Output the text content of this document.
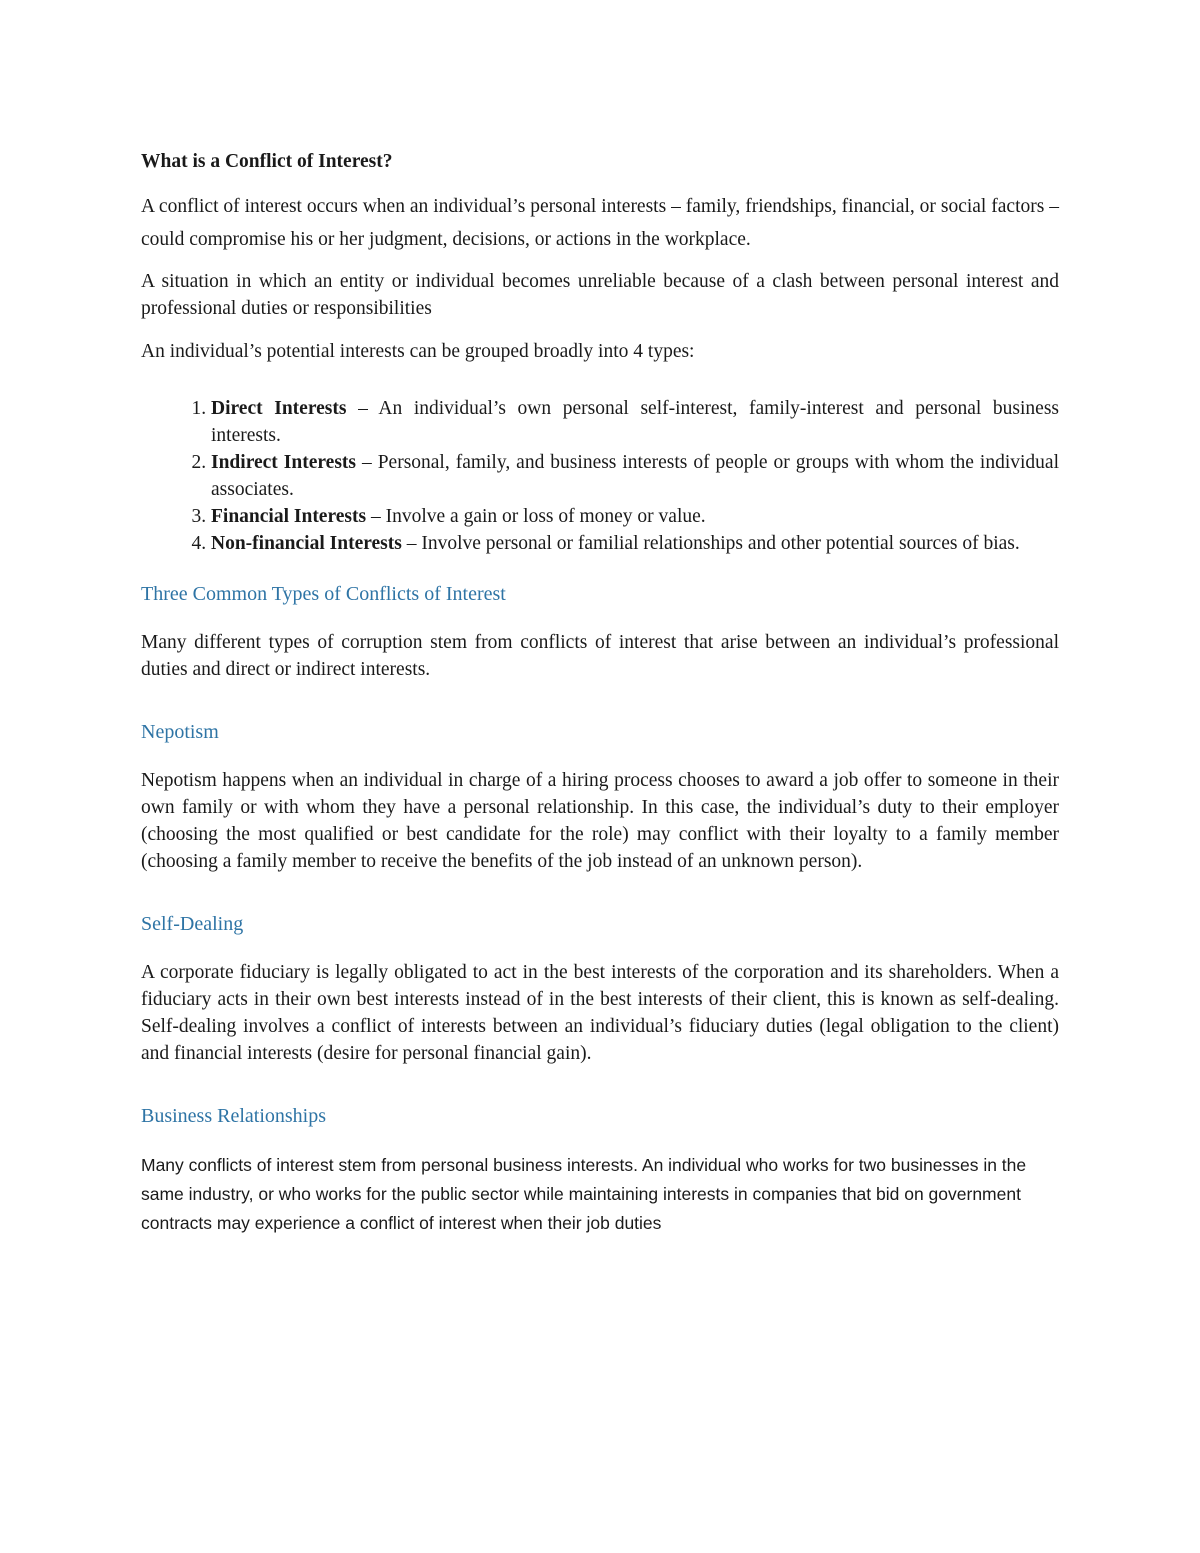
What is a Conflict of Interest?

A conflict of interest occurs when an individual’s personal interests – family, friendships, financial, or social factors – could compromise his or her judgment, decisions, or actions in the workplace.

A situation in which an entity or individual becomes unreliable because of a clash between personal interest and professional duties or responsibilities

An individual’s potential interests can be grouped broadly into 4 types:

1. Direct Interests – An individual’s own personal self-interest, family-interest and personal business interests.
2. Indirect Interests – Personal, family, and business interests of people or groups with whom the individual associates.
3. Financial Interests – Involve a gain or loss of money or value.
4. Non-financial Interests – Involve personal or familial relationships and other potential sources of bias.
Three Common Types of Conflicts of Interest

Many different types of corruption stem from conflicts of interest that arise between an individual’s professional duties and direct or indirect interests.

Nepotism

Nepotism happens when an individual in charge of a hiring process chooses to award a job offer to someone in their own family or with whom they have a personal relationship. In this case, the individual’s duty to their employer (choosing the most qualified or best candidate for the role) may conflict with their loyalty to a family member (choosing a family member to receive the benefits of the job instead of an unknown person).

Self-Dealing

A corporate fiduciary is legally obligated to act in the best interests of the corporation and its shareholders. When a fiduciary acts in their own best interests instead of in the best interests of their client, this is known as self-dealing. Self-dealing involves a conflict of interests between an individual’s fiduciary duties (legal obligation to the client) and financial interests (desire for personal financial gain).

Business Relationships

Many conflicts of interest stem from personal business interests. An individual who works for two businesses in the same industry, or who works for the public sector while maintaining interests in companies that bid on government contracts may experience a conflict of interest when their job duties
